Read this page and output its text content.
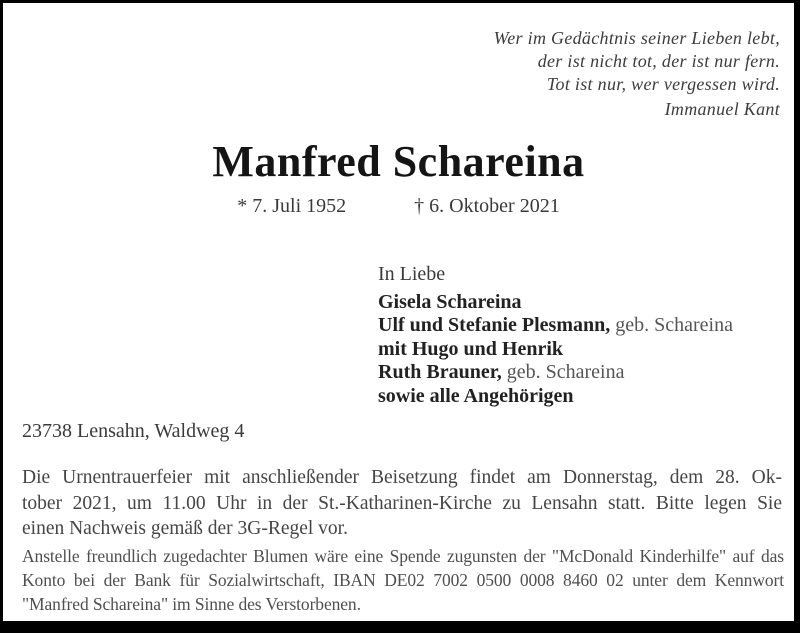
Wer im Gedächtnis seiner Lieben lebt,
der ist nicht tot, der ist nur fern.
Tot ist nur, wer vergessen wird.
Immanuel Kant
Manfred Schareina
* 7. Juli 1952	† 6. Oktober 2021
In Liebe
Gisela Schareina
Ulf und Stefanie Plesmann, geb. Schareina
mit Hugo und Henrik
Ruth Brauner, geb. Schareina
sowie alle Angehörigen
23738 Lensahn, Waldweg 4
Die Urnentrauerfeier mit anschließender Beisetzung findet am Donnerstag, dem 28. Ok-
tober 2021, um 11.00 Uhr in der St.-Katharinen-Kirche zu Lensahn statt. Bitte legen Sie
einen Nachweis gemäß der 3G-Regel vor.
Anstelle freundlich zugedachter Blumen wäre eine Spende zugunsten der "McDonald Kinderhilfe" auf das
Konto bei der Bank für Sozialwirtschaft, IBAN DE02 7002 0500 0008 8460 02 unter dem Kennwort
"Manfred Schareina" im Sinne des Verstorbenen.
